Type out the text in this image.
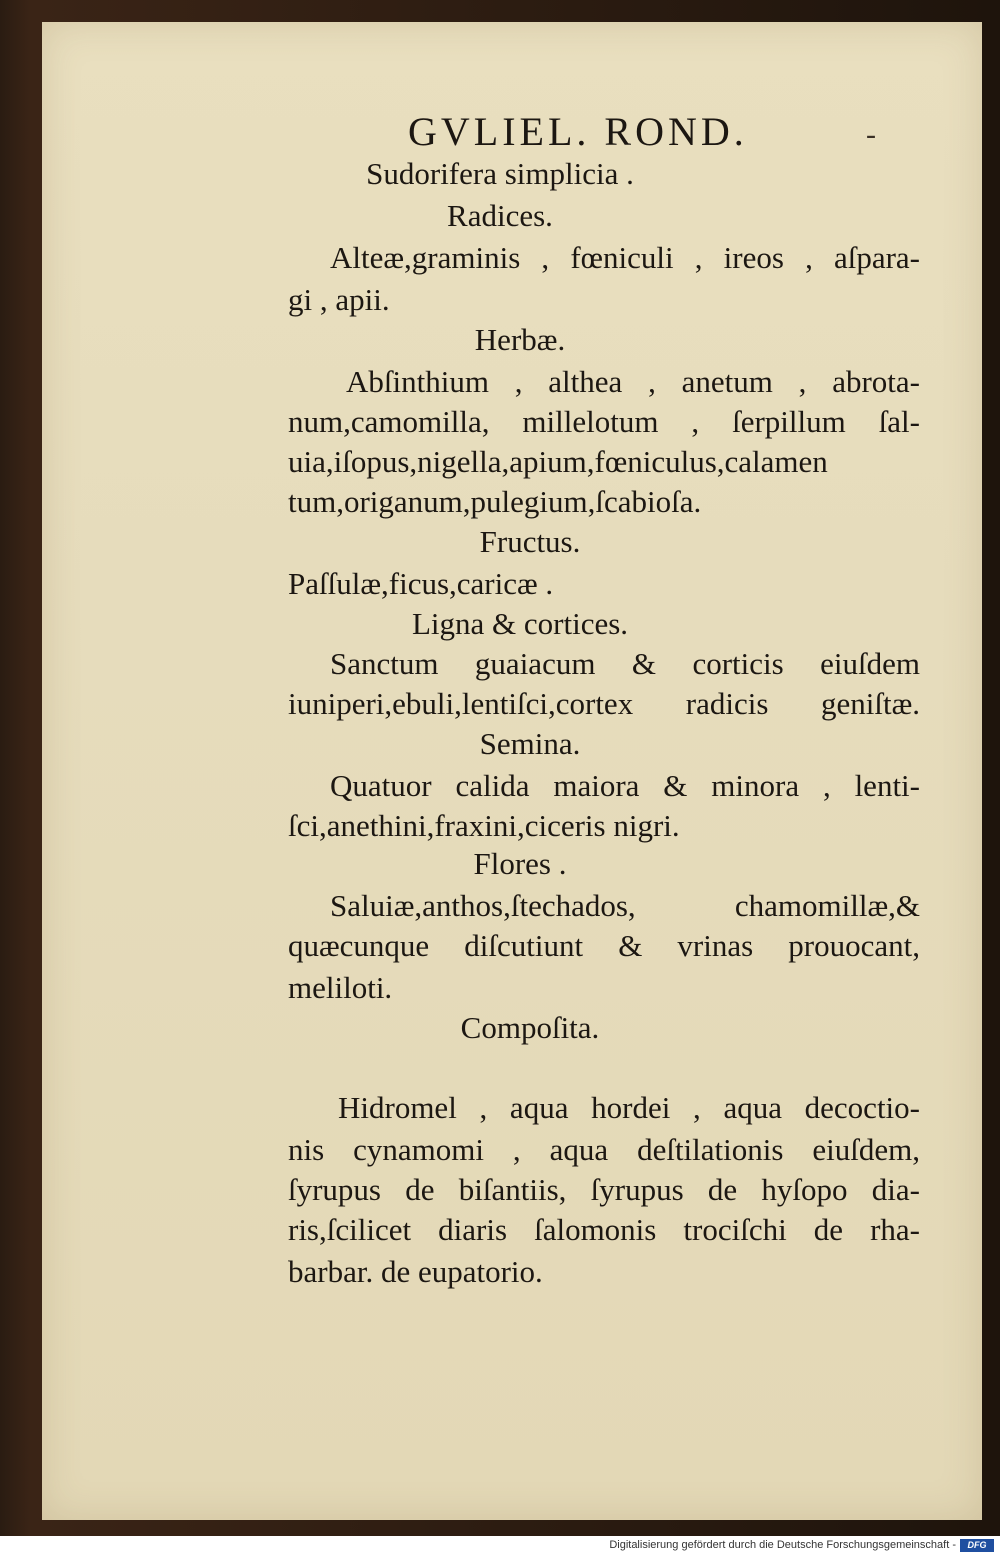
GVLIEL. ROND.	-
Sudorifera simplicia .
Radices.
Alteæ,graminis , fœniculi , ireos , aſpara-
gi , apii.
Herbæ.
Abſinthium , althea , anetum , abrota-
num,camomilla, millelotum , ſerpillum ſal-
uia,iſopus,nigella,apium,fœniculus,calamen
tum,origanum,pulegium,ſcabioſa.
Fructus.
Paſſulæ,ficus,caricæ .
Ligna & cortices.
Sanctum guaiacum & corticis eiuſdem
iuniperi,ebuli,lentiſci,cortex radicis geniſtæ.
Semina.
Quatuor calida maiora & minora , lenti-
ſci,anethini,fraxini,ciceris nigri.
Flores .
Saluiæ,anthos,ſtechados, chamomillæ,&
quæcunque diſcutiunt & vrinas prouocant,
meliloti.
Compoſita.
Hidromel , aqua hordei , aqua decoctio-
nis cynamomi , aqua deſtilationis eiuſdem,
ſyrupus de biſantiis, ſyrupus de hyſopo dia-
ris,ſcilicet diaris ſalomonis trociſchi de rha-
barbar. de eupatorio.
Digitalisierung gefördert durch die Deutsche Forschungsgemeinschaft -	DFG
